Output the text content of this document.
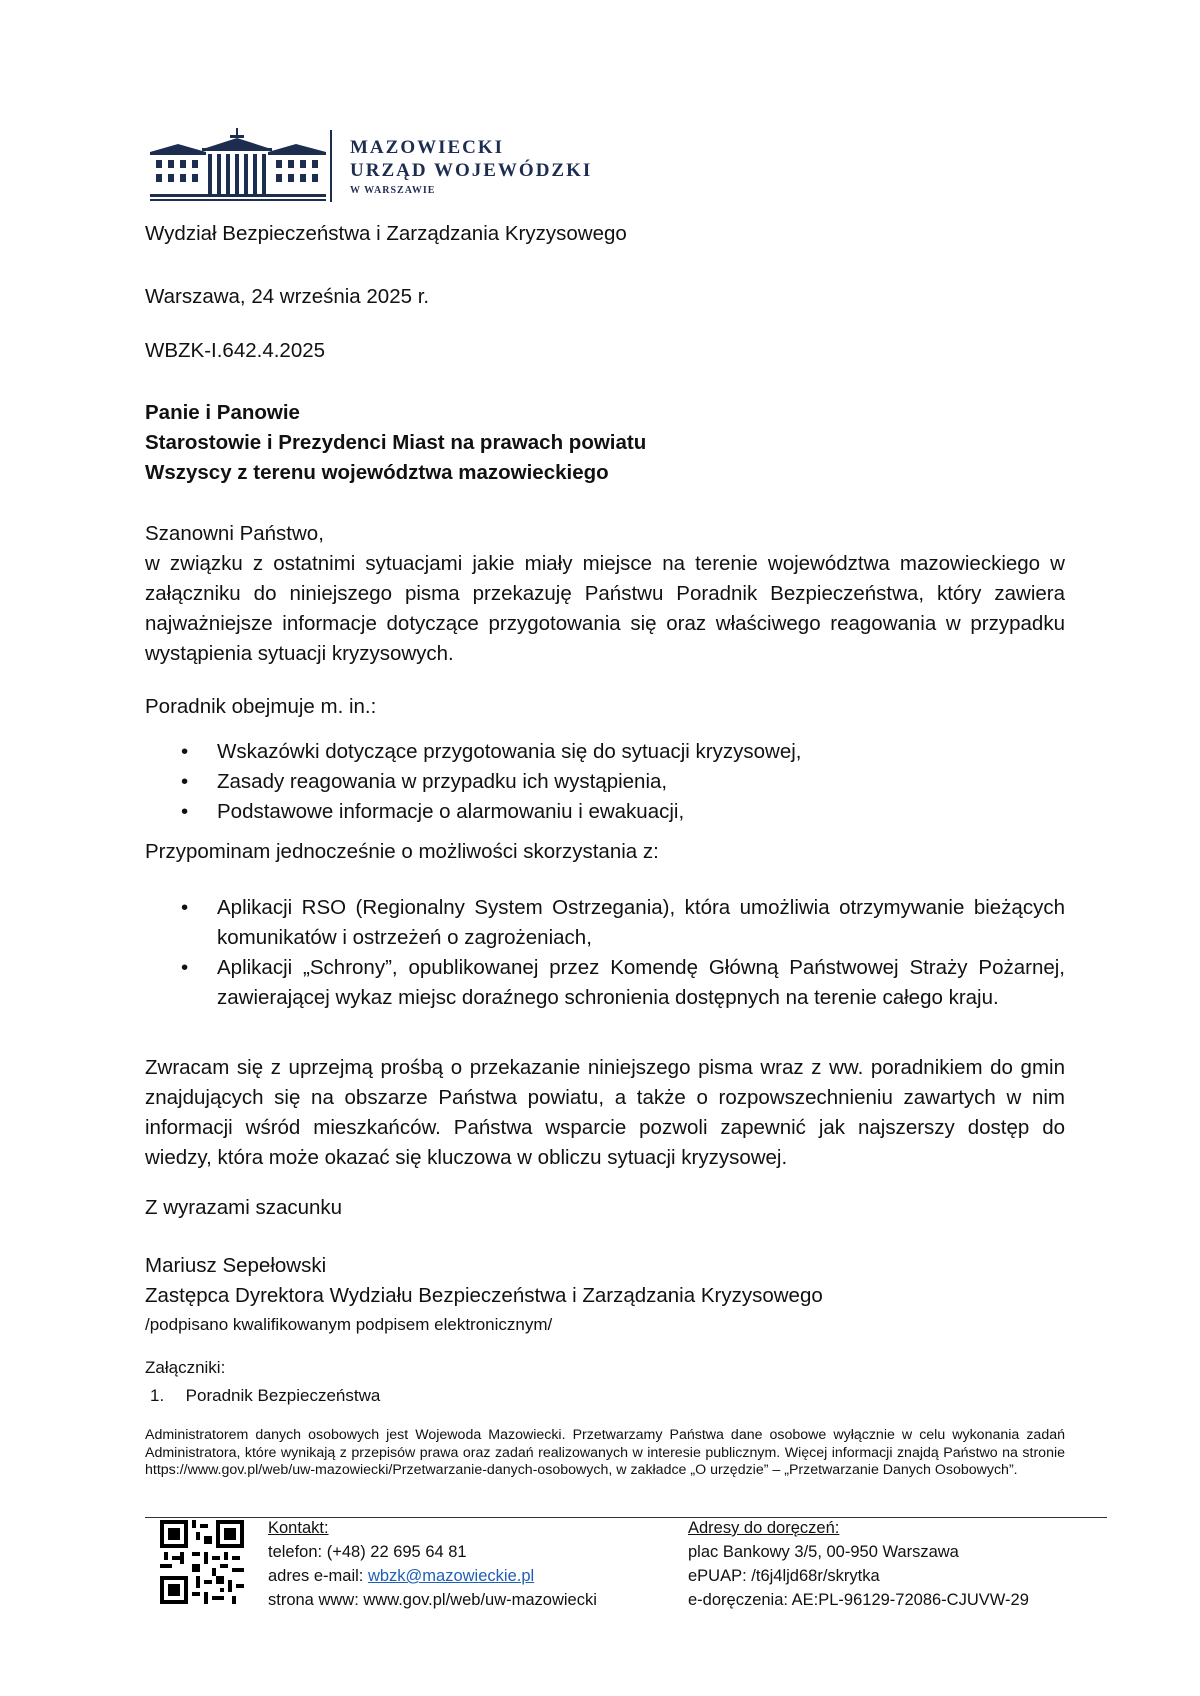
MAZOWIECKI
URZĄD WOJEWÓDZKI
W WARSZAWIE
Wydział Bezpieczeństwa i Zarządzania Kryzysowego
Warszawa, 24 września 2025 r.
WBZK-I.642.4.2025
Panie i Panowie
Starostowie i Prezydenci Miast na prawach powiatu
Wszyscy z terenu województwa mazowieckiego
Szanowni Państwo,

w związku z ostatnimi sytuacjami jakie miały miejsce na terenie województwa mazowieckiego w załączniku do niniejszego pisma przekazuję Państwu Poradnik Bezpieczeństwa, który zawiera najważniejsze informacje dotyczące przygotowania się oraz właściwego reagowania w przypadku wystąpienia sytuacji kryzysowych.

Poradnik obejmuje m. in.:
• Wskazówki dotyczące przygotowania się do sytuacji kryzysowej,
• Zasady reagowania w przypadku ich wystąpienia,
• Podstawowe informacje o alarmowaniu i ewakuacji,
Przypominam jednocześnie o możliwości skorzystania z:
• Aplikacji RSO (Regionalny System Ostrzegania), która umożliwia otrzymywanie bieżących komunikatów i ostrzeżeń o zagrożeniach,
• Aplikacji „Schrony”, opublikowanej przez Komendę Główną Państwowej Straży Pożarnej, zawierającej wykaz miejsc doraźnego schronienia dostępnych na terenie całego kraju.

Zwracam się z uprzejmą prośbą o przekazanie niniejszego pisma wraz z ww. poradnikiem do gmin znajdujących się na obszarze Państwa powiatu, a także o rozpowszechnieniu zawartych w nim informacji wśród mieszkańców. Państwa wsparcie pozwoli zapewnić jak najszerszy dostęp do wiedzy, która może okazać się kluczowa w obliczu sytuacji kryzysowej.

Z wyrazami szacunku
Mariusz Sepełowski
Zastępca Dyrektora Wydziału Bezpieczeństwa i Zarządzania Kryzysowego
/podpisano kwalifikowanym podpisem elektronicznym/
Załączniki:
1. Poradnik Bezpieczeństwa
Administratorem danych osobowych jest Wojewoda Mazowiecki. Przetwarzamy Państwa dane osobowe wyłącznie w celu wykonania zadań Administratora, które wynikają z przepisów prawa oraz zadań realizowanych w interesie publicznym. Więcej informacji znajdą Państwo na stronie https://www.gov.pl/web/uw-mazowiecki/Przetwarzanie-danych-osobowych, w zakładce „O urzędzie” – „Przetwarzanie Danych Osobowych”.
Kontakt:
telefon: (+48) 22 695 64 81
adres e-mail: wbzk@mazowieckie.pl
strona www: www.gov.pl/web/uw-mazowiecki
Adresy do doręczeń:
plac Bankowy 3/5, 00-950 Warszawa
ePUAP: /t6j4ljd68r/skrytka
e-doręczenia: AE:PL-96129-72086-CJUVW-29
